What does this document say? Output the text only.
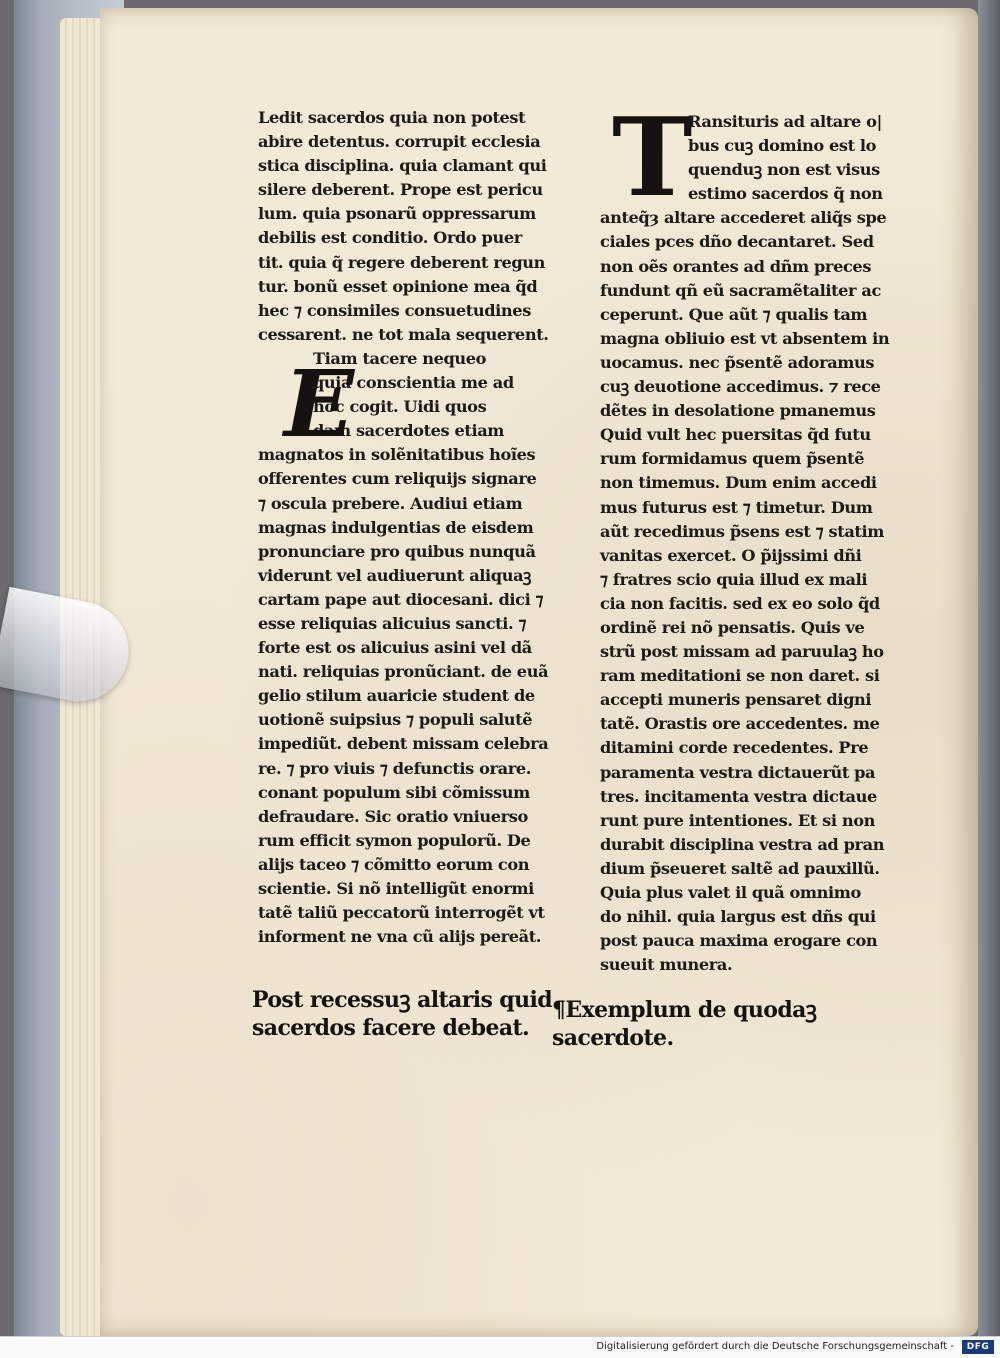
T
Ledit sacerdos quia non potest
abire detentus. corrupit ecclesia
stica disciplina. quia clamant qui
silere deberent. Prope est pericu
lum. quia psonarũ oppressarum
debilis est conditio. Ordo puer
tit. quia q̃ regere deberent regun
tur. bonũ esset opinione mea q̃d
hec ⁊ consimiles consuetudines
cessarent. ne tot mala sequerent.
Tiam tacere nequeo
quia conscientia me ad
hoc cogit. Uidi quos
dam sacerdotes etiam
magnatos in solẽnitatibus hoĩes
offerentes cum reliquijs signare
⁊ oscula prebere. Audiui etiam
magnas indulgentias de eisdem
pronunciare pro quibus nunquã
viderunt vel audiuerunt aliquaꝫ
cartam pape aut diocesani. dici ⁊
esse reliquias alicuius sancti. ⁊
forte est os alicuius asini vel dã
nati. reliquias pronũciant. de euã
gelio stilum auaricie student de
uotionẽ suipsius ⁊ populi salutẽ
impediũt. debent missam celebra
re. ⁊ pro viuis ⁊ defunctis orare.
conant populum sibi cõmissum
defraudare. Sic oratio vniuerso
rum efficit symon populorũ. De
alijs taceo ⁊ cõmitto eorum con
scientie. Si nõ intelligũt enormi
tatẽ taliũ peccatorũ interrogẽt vt
informent ne vna cũ alijs pereãt.
E
Ransituris ad altare o|
bus cuꝫ domino est lo
quenduꝫ non est visus
estimo sacerdos q̃ non
anteq̃ȝ altare accederet aliq̃s spe
ciales pces dño decantaret. Sed
non oẽs orantes ad dñm preces
fundunt qñ eũ sacramẽtaliter ac
ceperunt. Que aũt ⁊ qualis tam
magna obliuio est vt absentem in
uocamus. nec p̃sentẽ adoramus
cuꝫ deuotione accedimus. ⁊ rece
dẽtes in desolatione pmanemus
Quid vult hec puersitas q̃d futu
rum formidamus quem p̃sentẽ
non timemus. Dum enim accedi
mus futurus est ⁊ timetur. Dum
aũt recedimus p̃sens est ⁊ statim
vanitas exercet. O p̃ijssimi dñi
⁊ fratres scio quia illud ex mali
cia non facitis. sed ex eo solo q̃d
ordinẽ rei nõ pensatis. Quis ve
strũ post missam ad paruulaꝫ ho
ram meditationi se non daret. si
accepti muneris pensaret digni
tatẽ. Orastis ore accedentes. me
ditamini corde recedentes. Pre
paramenta vestra dictauerũt pa
tres. incitamenta vestra dictaue
runt pure intentiones. Et si non
durabit disciplina vestra ad pran
dium p̃seueret saltẽ ad pauxillũ.
Quia plus valet il quã omnimo
do nihil. quia largus est dñs qui
post pauca maxima erogare con
sueuit munera.
Post recessuꝫ altaris quid
sacerdos facere debeat.
¶Exemplum de quodaꝫ
sacerdote.
Digitalisierung gefördert durch die Deutsche Forschungsgemeinschaft -	DFG
